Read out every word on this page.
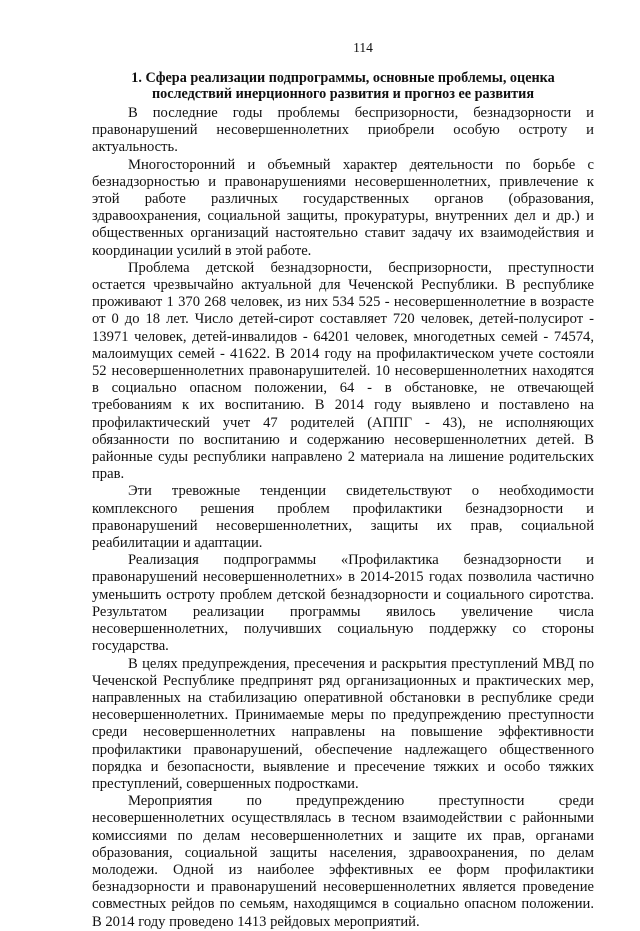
114
1. Сфера реализации подпрограммы, основные проблемы, оценка последствий инерционного развития и прогноз ее развития

В последние годы проблемы беспризорности, безнадзорности и правонарушений несовершеннолетних приобрели особую остроту и актуальность.

Многосторонний и объемный характер деятельности по борьбе с безнадзорностью и правонарушениями несовершеннолетних, привлечение к этой работе различных государственных органов (образования, здравоохранения, социальной защиты, прокуратуры, внутренних дел и др.) и общественных организаций настоятельно ставит задачу их взаимодействия и координации усилий в этой работе.

Проблема детской безнадзорности, беспризорности, преступности остается чрезвычайно актуальной для Чеченской Республики. В республике проживают 1 370 268 человек, из них 534 525 - несовершеннолетние в возрасте от 0 до 18 лет. Число детей-сирот составляет 720 человек, детей-полусирот - 13971 человек, детей-инвалидов - 64201 человек, многодетных семей - 74574, малоимущих семей - 41622. В 2014 году на профилактическом учете состояли 52 несовершеннолетних правонарушителей. 10 несовершеннолетних находятся в социально опасном положении, 64 - в обстановке, не отвечающей требованиям к их воспитанию. В 2014 году выявлено и поставлено на профилактический учет 47 родителей (АППГ - 43), не исполняющих обязанности по воспитанию и содержанию несовершеннолетних детей. В районные суды республики направлено 2 материала на лишение родительских прав.

Эти тревожные тенденции свидетельствуют о необходимости комплексного решения проблем профилактики безнадзорности и правонарушений несовершеннолетних, защиты их прав, социальной реабилитации и адаптации.

Реализация подпрограммы «Профилактика безнадзорности и правонарушений несовершеннолетних» в 2014-2015 годах позволила частично уменьшить остроту проблем детской безнадзорности и социального сиротства. Результатом реализации программы явилось увеличение числа несовершеннолетних, получивших социальную поддержку со стороны государства.

В целях предупреждения, пресечения и раскрытия преступлений МВД по Чеченской Республике предпринят ряд организационных и практических мер, направленных на стабилизацию оперативной обстановки в республике среди несовершеннолетних. Принимаемые меры по предупреждению преступности среди несовершеннолетних направлены на повышение эффективности профилактики правонарушений, обеспечение надлежащего общественного порядка и безопасности, выявление и пресечение тяжких и особо тяжких преступлений, совершенных подростками.

Мероприятия по предупреждению преступности среди несовершеннолетних осуществлялась в тесном взаимодействии с районными комиссиями по делам несовершеннолетних и защите их прав, органами образования, социальной защиты населения, здравоохранения, по делам молодежи. Одной из наиболее эффективных ее форм профилактики безнадзорности и правонарушений несовершеннолетних является проведение совместных рейдов по семьям, находящимся в социально опасном положении. В 2014 году проведено 1413 рейдовых мероприятий.
